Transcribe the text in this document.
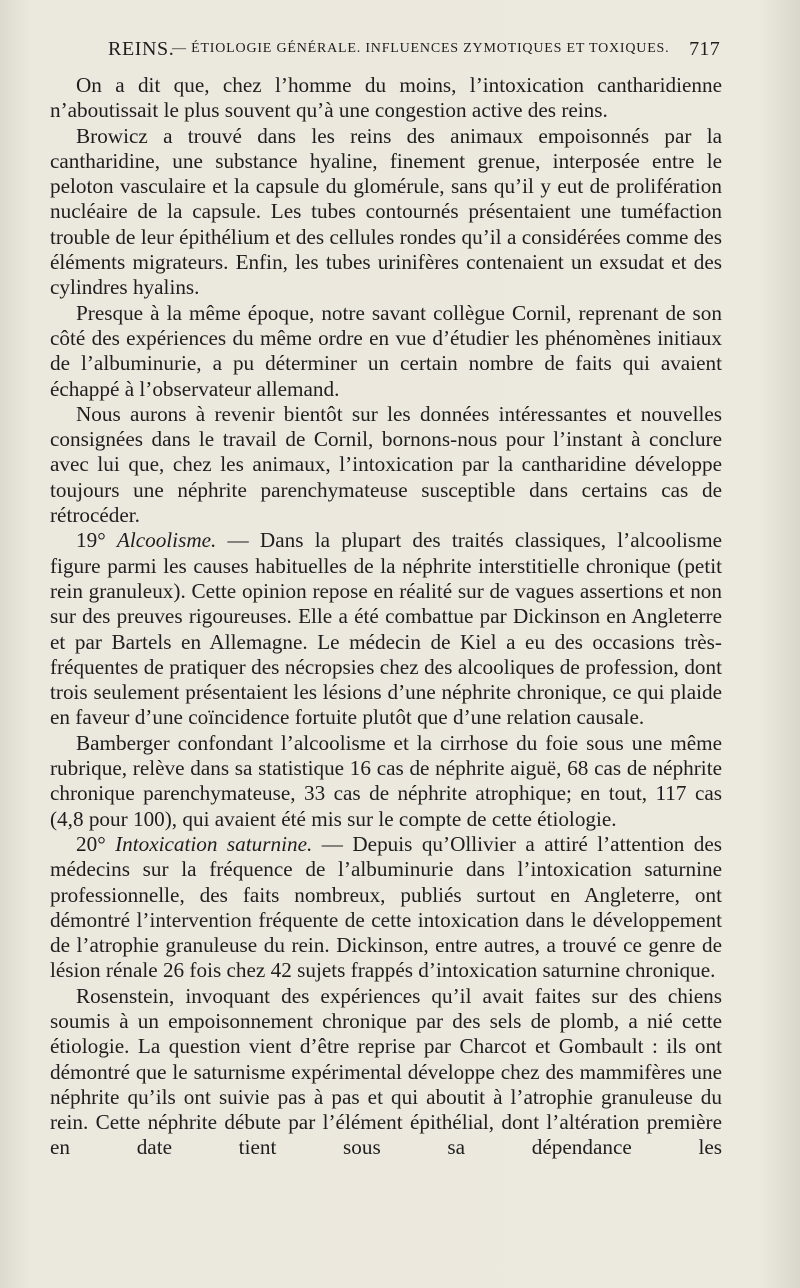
REINS.
— ÉTIOLOGIE GÉNÉRALE. INFLUENCES ZYMOTIQUES ET TOXIQUES. 717

On a dit que, chez l’homme du moins, l’intoxication cantharidienne n’aboutissait le plus souvent qu’à une congestion active des reins.

Browicz a trouvé dans les reins des animaux empoisonnés par la cantharidine, une substance hyaline, finement grenue, interposée entre le peloton vasculaire et la capsule du glomérule, sans qu’il y eut de prolifération nucléaire de la capsule. Les tubes contournés présentaient une tuméfaction trouble de leur épithélium et des cellules rondes qu’il a considérées comme des éléments migrateurs. Enfin, les tubes urinifères contenaient un exsudat et des cylindres hyalins.

Presque à la même époque, notre savant collègue Cornil, reprenant de son côté des expériences du même ordre en vue d’étudier les phénomènes initiaux de l’albuminurie, a pu déterminer un certain nombre de faits qui avaient échappé à l’observateur allemand.

Nous aurons à revenir bientôt sur les données intéressantes et nouvelles consignées dans le travail de Cornil, bornons-nous pour l’instant à conclure avec lui que, chez les animaux, l’intoxication par la cantharidine développe toujours une néphrite parenchymateuse susceptible dans certains cas de rétrocéder.

19° Alcoolisme. — Dans la plupart des traités classiques, l’alcoolisme figure parmi les causes habituelles de la néphrite interstitielle chronique (petit rein granuleux). Cette opinion repose en réalité sur de vagues assertions et non sur des preuves rigoureuses. Elle a été combattue par Dickinson en Angleterre et par Bartels en Allemagne. Le médecin de Kiel a eu des occasions très-fréquentes de pratiquer des nécropsies chez des alcooliques de profession, dont trois seulement présentaient les lésions d’une néphrite chronique, ce qui plaide en faveur d’une coïncidence fortuite plutôt que d’une relation causale.

Bamberger confondant l’alcoolisme et la cirrhose du foie sous une même rubrique, relève dans sa statistique 16 cas de néphrite aiguë, 68 cas de néphrite chronique parenchymateuse, 33 cas de néphrite atrophique; en tout, 117 cas (4,8 pour 100), qui avaient été mis sur le compte de cette étiologie.

20° Intoxication saturnine. — Depuis qu’Ollivier a attiré l’attention des médecins sur la fréquence de l’albuminurie dans l’intoxication saturnine professionnelle, des faits nombreux, publiés surtout en Angleterre, ont démontré l’intervention fréquente de cette intoxication dans le développement de l’atrophie granuleuse du rein. Dickinson, entre autres, a trouvé ce genre de lésion rénale 26 fois chez 42 sujets frappés d’intoxication saturnine chronique.

Rosenstein, invoquant des expériences qu’il avait faites sur des chiens soumis à un empoisonnement chronique par des sels de plomb, a nié cette étiologie. La question vient d’être reprise par Charcot et Gombault : ils ont démontré que le saturnisme expérimental développe chez des mammifères une néphrite qu’ils ont suivie pas à pas et qui aboutit à l’atrophie granuleuse du rein. Cette néphrite débute par l’élément épithélial, dont l’altération première en date tient sous sa dépendance les
